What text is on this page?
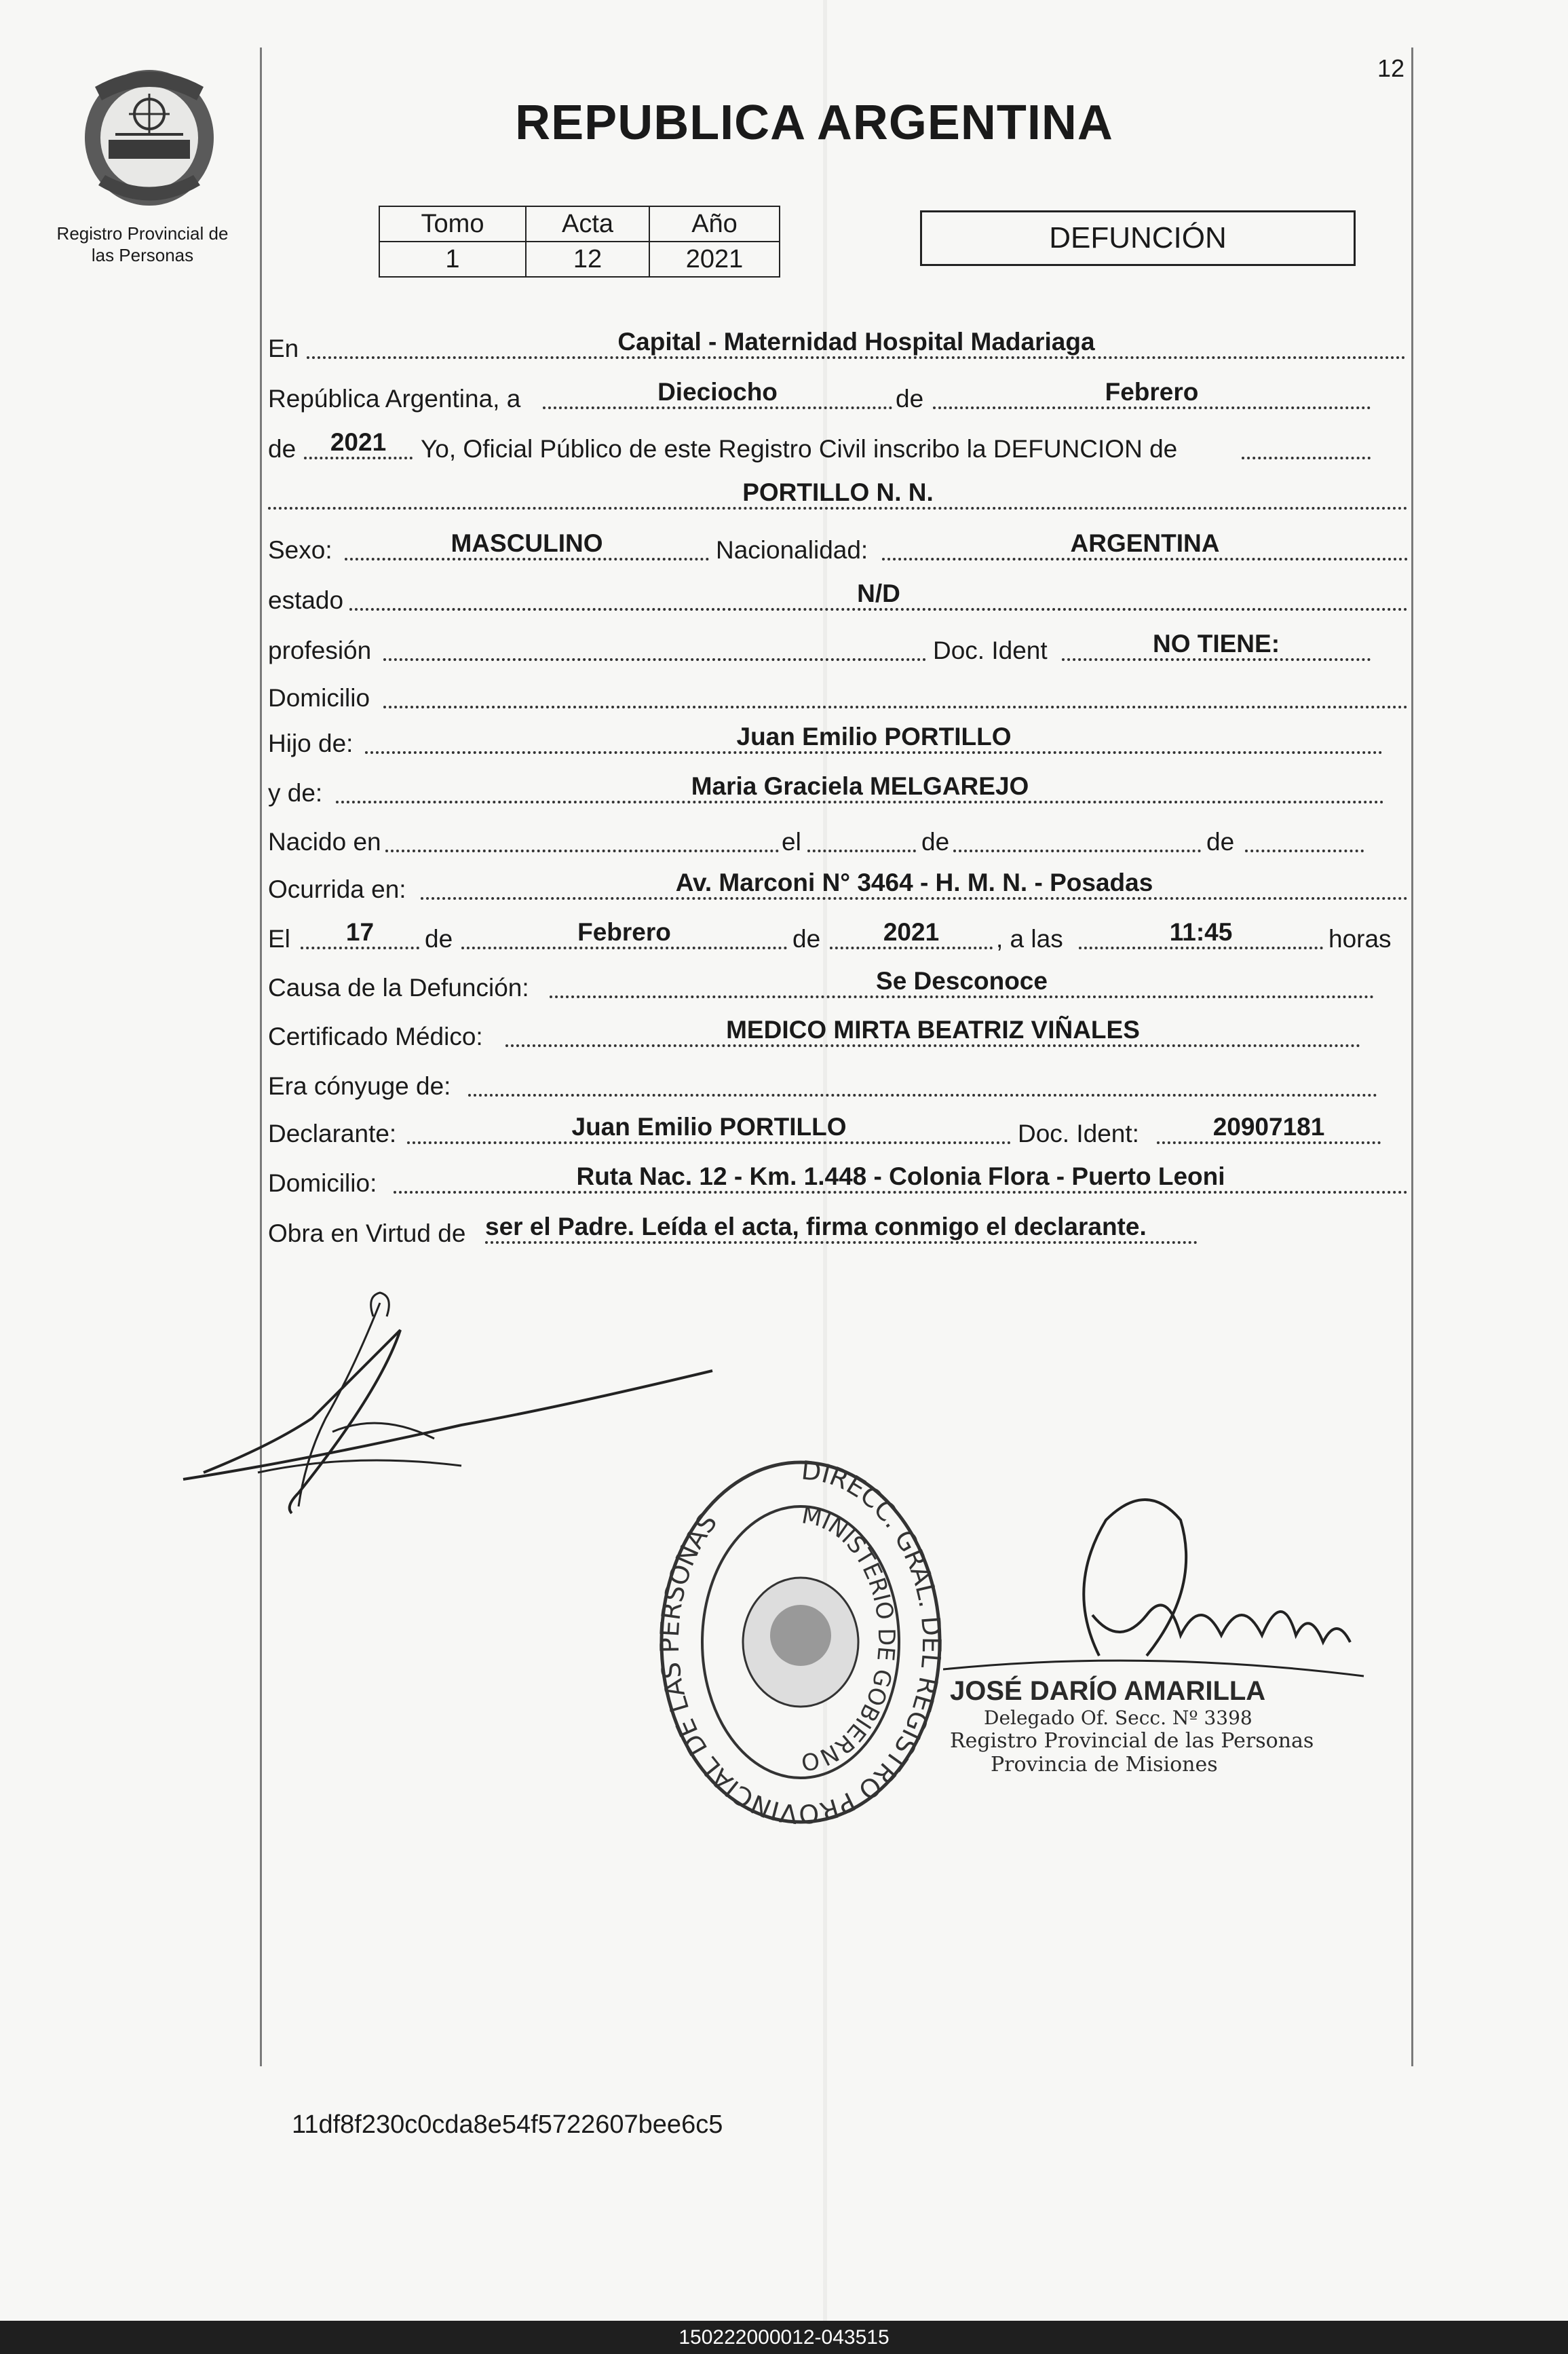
Registro Provincial de
las Personas
12
REPUBLICA ARGENTINA
Tomo	Acta	Año
1	12	2021
DEFUNCIÓN
En	Capital - Maternidad Hospital Madariaga
República Argentina, a	Dieciocho	de	Febrero
de	2021	Yo, Oficial Público de este Registro Civil inscribo la DEFUNCION de
PORTILLO N. N.
Sexo:	MASCULINO	Nacionalidad:	ARGENTINA
estado	N/D
profesión	Doc. Ident	NO TIENE:
Domicilio
Hijo de:	Juan Emilio PORTILLO
y de:	Maria Graciela MELGAREJO
Nacido en	el	de	de
Ocurrida en:	Av. Marconi N° 3464 - H. M. N. - Posadas
El	17	de	Febrero	de	2021	, a las	11:45	horas
Causa de la Defunción:	Se Desconoce
Certificado Médico:	MEDICO MIRTA BEATRIZ VIÑALES
Era cónyuge de:
Declarante:	Juan Emilio PORTILLO	Doc. Ident:	20907181
Domicilio:	Ruta Nac. 12 - Km. 1.448 - Colonia Flora - Puerto Leoni
Obra en Virtud de ser el Padre. Leída el acta, firma conmigo el declarante.
DIRECC. GRAL. DEL REGISTRO PROVINCIAL DE LAS PERSONAS	MINISTERIO DE GOBIERNO
JOSÉ DARÍO AMARILLA
Delegado Of. Secc. Nº 3398
Registro Provincial de las Personas
Provincia de Misiones
11df8f230c0cda8e54f5722607bee6c5
150222000012-043515
